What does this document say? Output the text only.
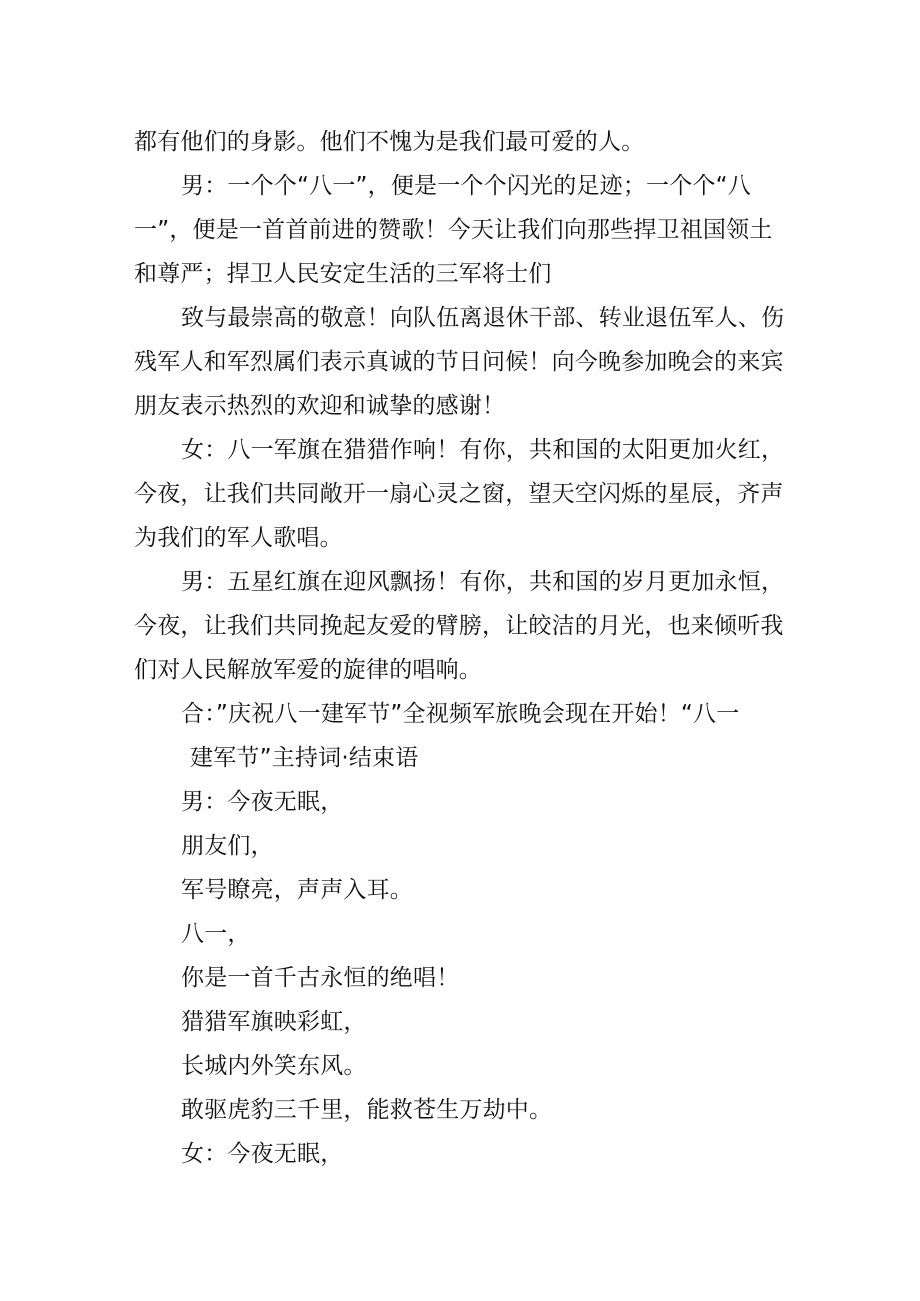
都有他们的身影。他们不愧为是我们最可爱的人。
男：一个个“八一”，便是一个个闪光的足迹；一个个“八
一”，便是一首首前进的赞歌！今天让我们向那些捍卫祖国领土
和尊严；捍卫人民安定生活的三军将士们
致与最崇高的敬意！向队伍离退休干部、转业退伍军人、伤
残军人和军烈属们表示真诚的节日问候！向今晚参加晚会的来宾
朋友表示热烈的欢迎和诚挚的感谢！
女：八一军旗在猎猎作响！有你，共和国的太阳更加火红，
今夜，让我们共同敞开一扇心灵之窗，望天空闪烁的星辰，齐声
为我们的军人歌唱。
男：五星红旗在迎风飘扬！有你，共和国的岁月更加永恒，
今夜，让我们共同挽起友爱的臂膀，让皎洁的月光，也来倾听我
们对人民解放军爱的旋律的唱响。
合：”庆祝八一建军节”全视频军旅晚会现在开始！“八一
建军节”主持词·结束语
男：今夜无眠，
朋友们，
军号瞭亮，声声入耳。
八一，
你是一首千古永恒的绝唱！
猎猎军旗映彩虹，
长城内外笑东风。
敢驱虎豹三千里，能救苍生万劫中。
女：今夜无眠，
